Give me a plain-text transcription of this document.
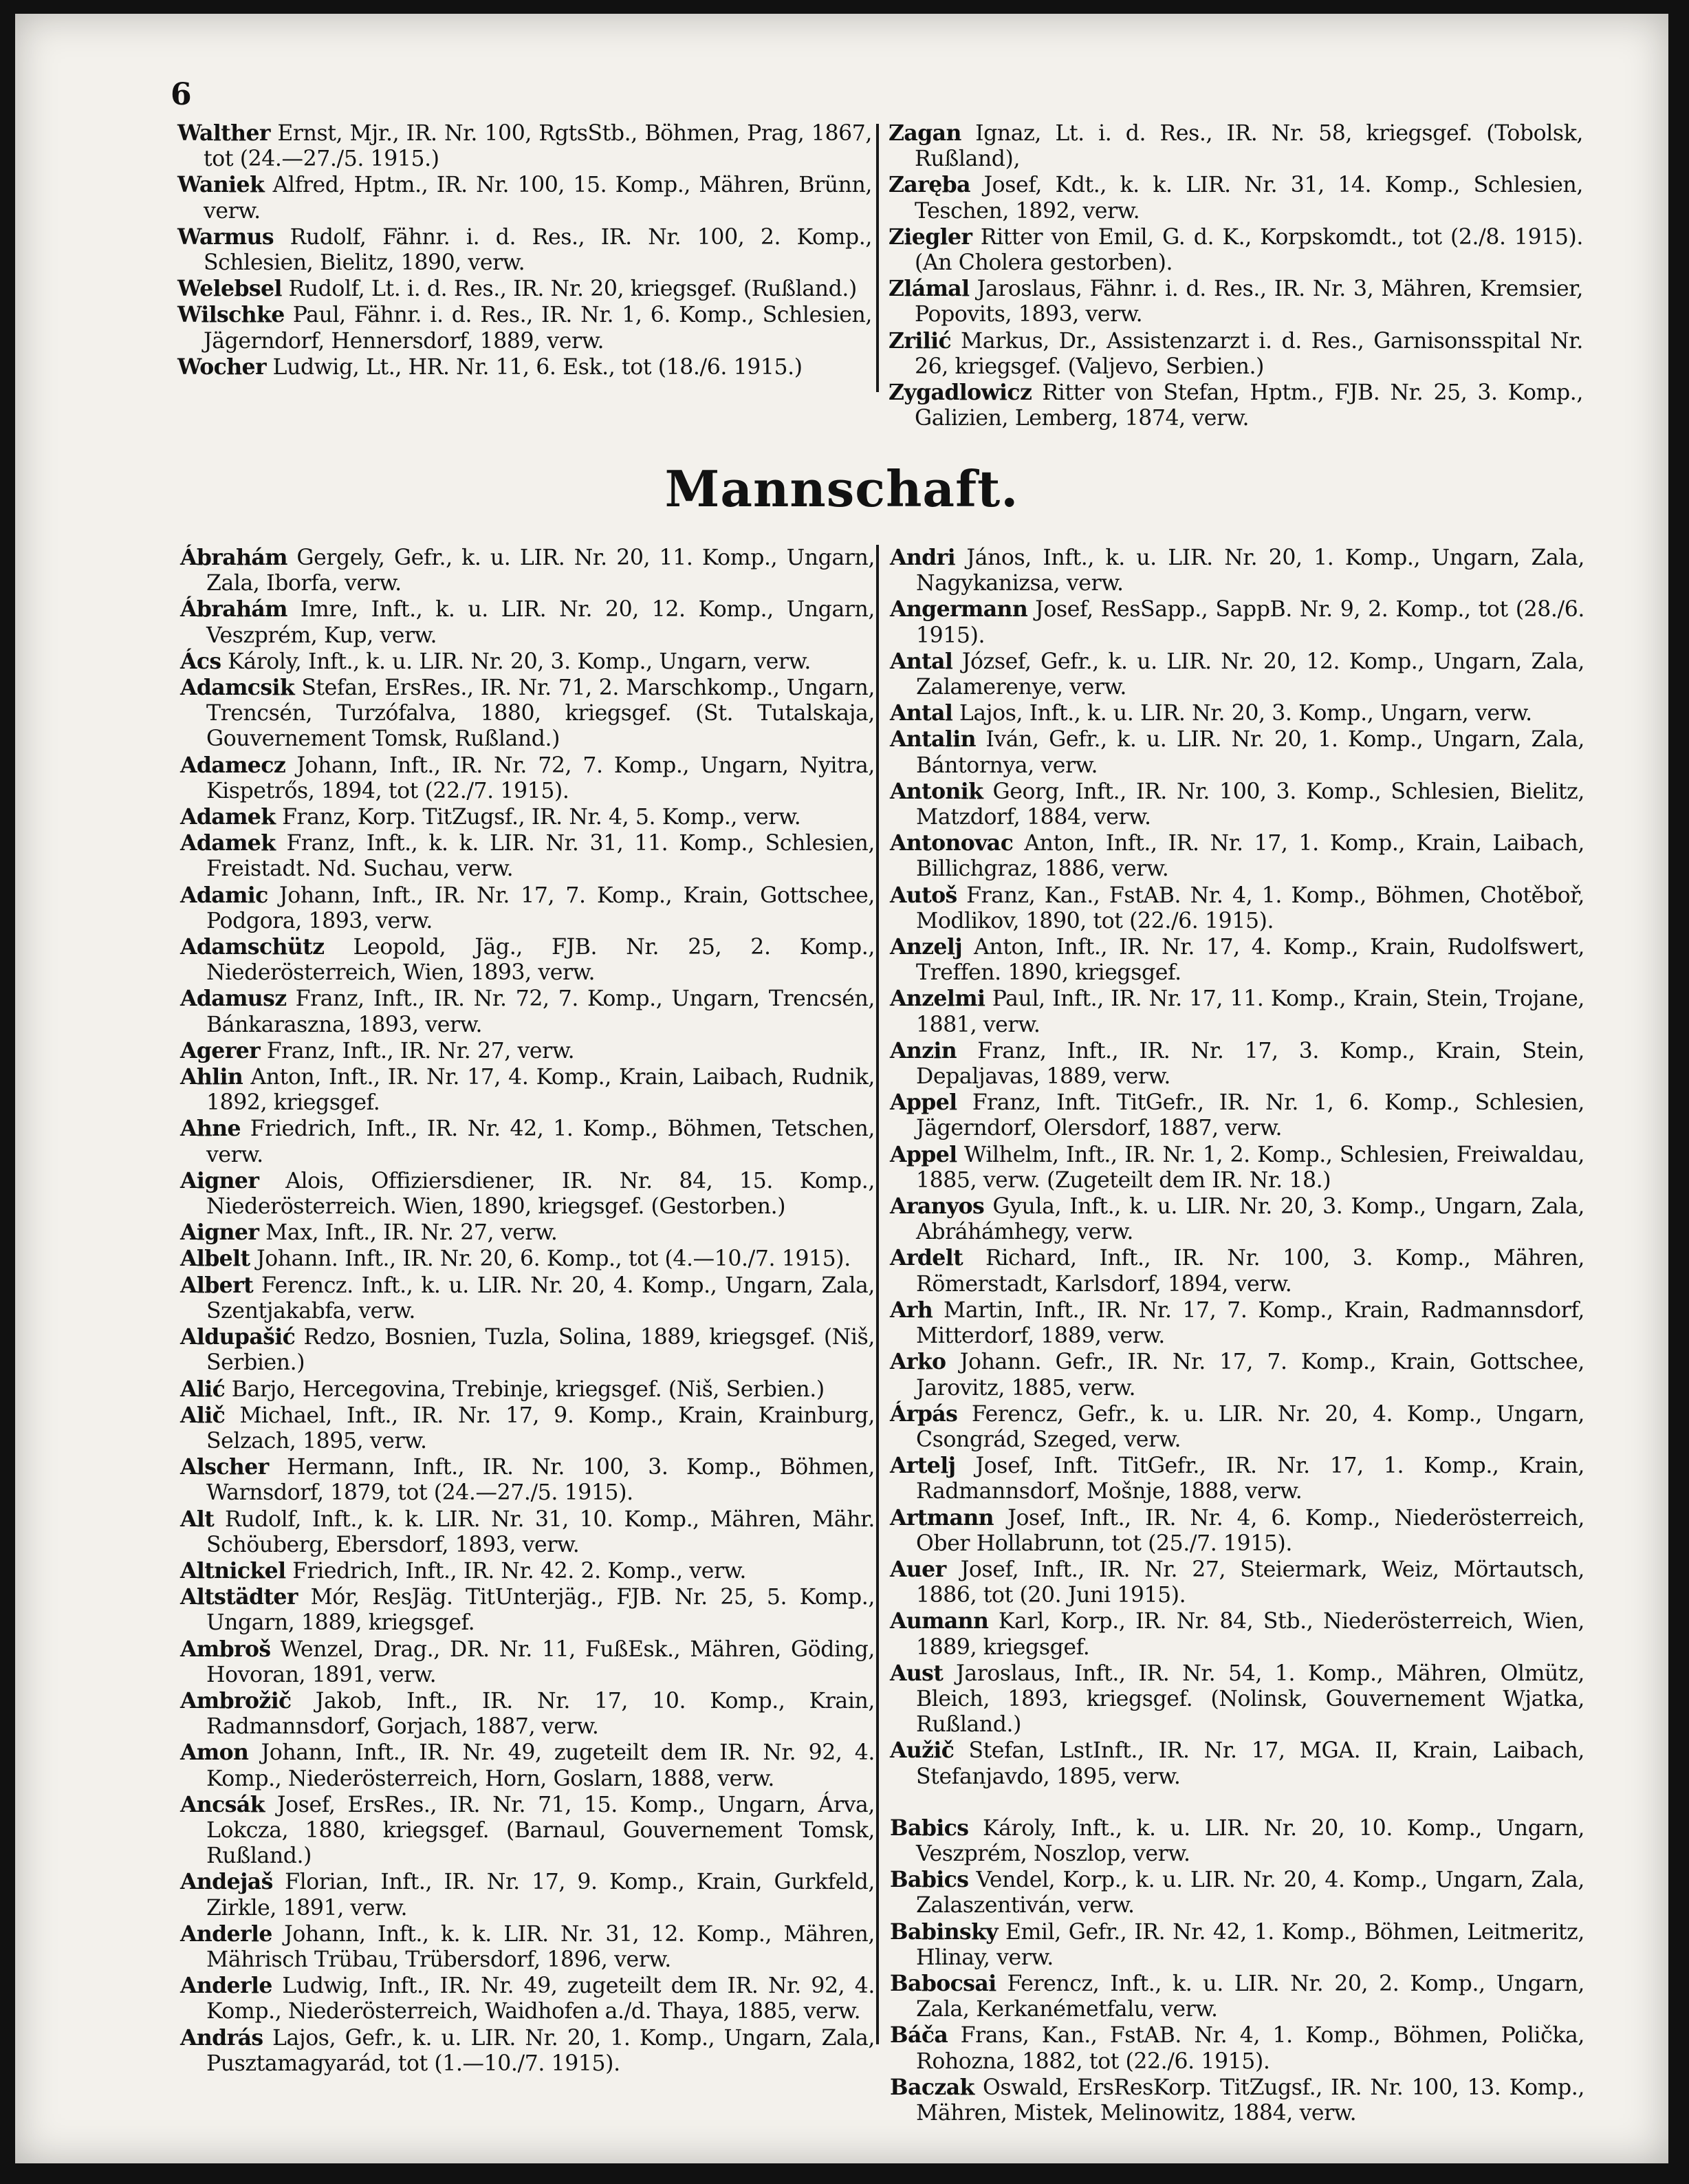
6
Walther Ernst, Mjr., IR. Nr. 100, RgtsStb., Böhmen, Prag, 1867, tot (24.—27./5. 1915.)
Waniek Alfred, Hptm., IR. Nr. 100, 15. Komp., Mähren, Brünn, verw.
Warmus Rudolf, Fähnr. i. d. Res., IR. Nr. 100, 2. Komp., Schlesien, Bielitz, 1890, verw.
Welebsel Rudolf, Lt. i. d. Res., IR. Nr. 20, kriegsgef. (Rußland.)
Wilschke Paul, Fähnr. i. d. Res., IR. Nr. 1, 6. Komp., Schlesien, Jägerndorf, Hennersdorf, 1889, verw.
Wocher Ludwig, Lt., HR. Nr. 11, 6. Esk., tot (18./6. 1915.)
Zagan Ignaz, Lt. i. d. Res., IR. Nr. 58, kriegsgef. (Tobolsk, Rußland),
Zaręba Josef, Kdt., k. k. LIR. Nr. 31, 14. Komp., Schlesien, Teschen, 1892, verw.
Ziegler Ritter von Emil, G. d. K., Korpskomdt., tot (2./8. 1915). (An Cholera gestorben).
Zlámal Jaroslaus, Fähnr. i. d. Res., IR. Nr. 3, Mähren, Kremsier, Popovits, 1893, verw.
Zrilić Markus, Dr., Assistenzarzt i. d. Res., Garnisonsspital Nr. 26, kriegsgef. (Valjevo, Serbien.)
Zygadlowicz Ritter von Stefan, Hptm., FJB. Nr. 25, 3. Komp., Galizien, Lemberg, 1874, verw.
Mannschaft.
Ábrahám Gergely, Gefr., k. u. LIR. Nr. 20, 11. Komp., Ungarn, Zala, Iborfa, verw.
Ábrahám Imre, Inft., k. u. LIR. Nr. 20, 12. Komp., Ungarn, Veszprém, Kup, verw.
Ács Károly, Inft., k. u. LIR. Nr. 20, 3. Komp., Ungarn, verw.
Adamcsik Stefan, ErsRes., IR. Nr. 71, 2. Marschkomp., Ungarn, Trencsén, Turzófalva, 1880, kriegsgef. (St. Tutalskaja, Gouvernement Tomsk, Rußland.)
Adamecz Johann, Inft., IR. Nr. 72, 7. Komp., Ungarn, Nyitra, Kispetrős, 1894, tot (22./7. 1915).
Adamek Franz, Korp. TitZugsf., IR. Nr. 4, 5. Komp., verw.
Adamek Franz, Inft., k. k. LIR. Nr. 31, 11. Komp., Schlesien, Freistadt. Nd. Suchau, verw.
Adamic Johann, Inft., IR. Nr. 17, 7. Komp., Krain, Gottschee, Podgora, 1893, verw.
Adamschütz Leopold, Jäg., FJB. Nr. 25, 2. Komp., Niederösterreich, Wien, 1893, verw.
Adamusz Franz, Inft., IR. Nr. 72, 7. Komp., Ungarn, Trencsén, Bánkaraszna, 1893, verw.
Agerer Franz, Inft., IR. Nr. 27, verw.
Ahlin Anton, Inft., IR. Nr. 17, 4. Komp., Krain, Laibach, Rudnik, 1892, kriegsgef.
Ahne Friedrich, Inft., IR. Nr. 42, 1. Komp., Böhmen, Tetschen, verw.
Aigner Alois, Offiziersdiener, IR. Nr. 84, 15. Komp., Niederösterreich. Wien, 1890, kriegsgef. (Gestorben.)
Aigner Max, Inft., IR. Nr. 27, verw.
Albelt Johann. Inft., IR. Nr. 20, 6. Komp., tot (4.—10./7. 1915).
Albert Ferencz. Inft., k. u. LIR. Nr. 20, 4. Komp., Ungarn, Zala, Szentjakabfa, verw.
Aldupašić Redzo, Bosnien, Tuzla, Solina, 1889, kriegsgef. (Niš, Serbien.)
Alić Barjo, Hercegovina, Trebinje, kriegsgef. (Niš, Serbien.)
Alič Michael, Inft., IR. Nr. 17, 9. Komp., Krain, Krainburg, Selzach, 1895, verw.
Alscher Hermann, Inft., IR. Nr. 100, 3. Komp., Böhmen, Warnsdorf, 1879, tot (24.—27./5. 1915).
Alt Rudolf, Inft., k. k. LIR. Nr. 31, 10. Komp., Mähren, Mähr. Schöuberg, Ebersdorf, 1893, verw.
Altnickel Friedrich, Inft., IR. Nr. 42. 2. Komp., verw.
Altstädter Mór, ResJäg. TitUnterjäg., FJB. Nr. 25, 5. Komp., Ungarn, 1889, kriegsgef.
Ambroš Wenzel, Drag., DR. Nr. 11, FußEsk., Mähren, Göding, Hovoran, 1891, verw.
Ambrožič Jakob, Inft., IR. Nr. 17, 10. Komp., Krain, Radmannsdorf, Gorjach, 1887, verw.
Amon Johann, Inft., IR. Nr. 49, zugeteilt dem IR. Nr. 92, 4. Komp., Niederösterreich, Horn, Goslarn, 1888, verw.
Ancsák Josef, ErsRes., IR. Nr. 71, 15. Komp., Ungarn, Árva, Lokcza, 1880, kriegsgef. (Barnaul, Gouvernement Tomsk, Rußland.)
Andejaš Florian, Inft., IR. Nr. 17, 9. Komp., Krain, Gurkfeld, Zirkle, 1891, verw.
Anderle Johann, Inft., k. k. LIR. Nr. 31, 12. Komp., Mähren, Mährisch Trübau, Trübersdorf, 1896, verw.
Anderle Ludwig, Inft., IR. Nr. 49, zugeteilt dem IR. Nr. 92, 4. Komp., Niederösterreich, Waidhofen a./d. Thaya, 1885, verw.
András Lajos, Gefr., k. u. LIR. Nr. 20, 1. Komp., Ungarn, Zala, Pusztamagyarád, tot (1.—10./7. 1915).
Andri János, Inft., k. u. LIR. Nr. 20, 1. Komp., Ungarn, Zala, Nagykanizsa, verw.
Angermann Josef, ResSapp., SappB. Nr. 9, 2. Komp., tot (28./6. 1915).
Antal József, Gefr., k. u. LIR. Nr. 20, 12. Komp., Ungarn, Zala, Zalamerenye, verw.
Antal Lajos, Inft., k. u. LIR. Nr. 20, 3. Komp., Ungarn, verw.
Antalin Iván, Gefr., k. u. LIR. Nr. 20, 1. Komp., Ungarn, Zala, Bántornya, verw.
Antonik Georg, Inft., IR. Nr. 100, 3. Komp., Schlesien, Bielitz, Matzdorf, 1884, verw.
Antonovac Anton, Inft., IR. Nr. 17, 1. Komp., Krain, Laibach, Billichgraz, 1886, verw.
Autoš Franz, Kan., FstAB. Nr. 4, 1. Komp., Böhmen, Chotěboř, Modlikov, 1890, tot (22./6. 1915).
Anzelj Anton, Inft., IR. Nr. 17, 4. Komp., Krain, Rudolfswert, Treffen. 1890, kriegsgef.
Anzelmi Paul, Inft., IR. Nr. 17, 11. Komp., Krain, Stein, Trojane, 1881, verw.
Anzin Franz, Inft., IR. Nr. 17, 3. Komp., Krain, Stein, Depaljavas, 1889, verw.
Appel Franz, Inft. TitGefr., IR. Nr. 1, 6. Komp., Schlesien, Jägerndorf, Olersdorf, 1887, verw.
Appel Wilhelm, Inft., IR. Nr. 1, 2. Komp., Schlesien, Freiwaldau, 1885, verw. (Zugeteilt dem IR. Nr. 18.)
Aranyos Gyula, Inft., k. u. LIR. Nr. 20, 3. Komp., Ungarn, Zala, Abráhámhegy, verw.
Ardelt Richard, Inft., IR. Nr. 100, 3. Komp., Mähren, Römerstadt, Karlsdorf, 1894, verw.
Arh Martin, Inft., IR. Nr. 17, 7. Komp., Krain, Radmannsdorf, Mitterdorf, 1889, verw.
Arko Johann. Gefr., IR. Nr. 17, 7. Komp., Krain, Gottschee, Jarovitz, 1885, verw.
Árpás Ferencz, Gefr., k. u. LIR. Nr. 20, 4. Komp., Ungarn, Csongrád, Szeged, verw.
Artelj Josef, Inft. TitGefr., IR. Nr. 17, 1. Komp., Krain, Radmannsdorf, Mošnje, 1888, verw.
Artmann Josef, Inft., IR. Nr. 4, 6. Komp., Niederösterreich, Ober Hollabrunn, tot (25./7. 1915).
Auer Josef, Inft., IR. Nr. 27, Steiermark, Weiz, Mörtautsch, 1886, tot (20. Juni 1915).
Aumann Karl, Korp., IR. Nr. 84, Stb., Niederösterreich, Wien, 1889, kriegsgef.
Aust Jaroslaus, Inft., IR. Nr. 54, 1. Komp., Mähren, Olmütz, Bleich, 1893, kriegsgef. (Nolinsk, Gouvernement Wjatka, Rußland.)
Aužič Stefan, LstInft., IR. Nr. 17, MGA. II, Krain, Laibach, Stefanjavdo, 1895, verw.
Babics Károly, Inft., k. u. LIR. Nr. 20, 10. Komp., Ungarn, Veszprém, Noszlop, verw.
Babics Vendel, Korp., k. u. LIR. Nr. 20, 4. Komp., Ungarn, Zala, Zalaszentiván, verw.
Babinsky Emil, Gefr., IR. Nr. 42, 1. Komp., Böhmen, Leitmeritz, Hlinay, verw.
Babocsai Ferencz, Inft., k. u. LIR. Nr. 20, 2. Komp., Ungarn, Zala, Kerkanémetfalu, verw.
Báča Frans, Kan., FstAB. Nr. 4, 1. Komp., Böhmen, Polička, Rohozna, 1882, tot (22./6. 1915).
Baczak Oswald, ErsResKorp. TitZugsf., IR. Nr. 100, 13. Komp., Mähren, Mistek, Melinowitz, 1884, verw.
